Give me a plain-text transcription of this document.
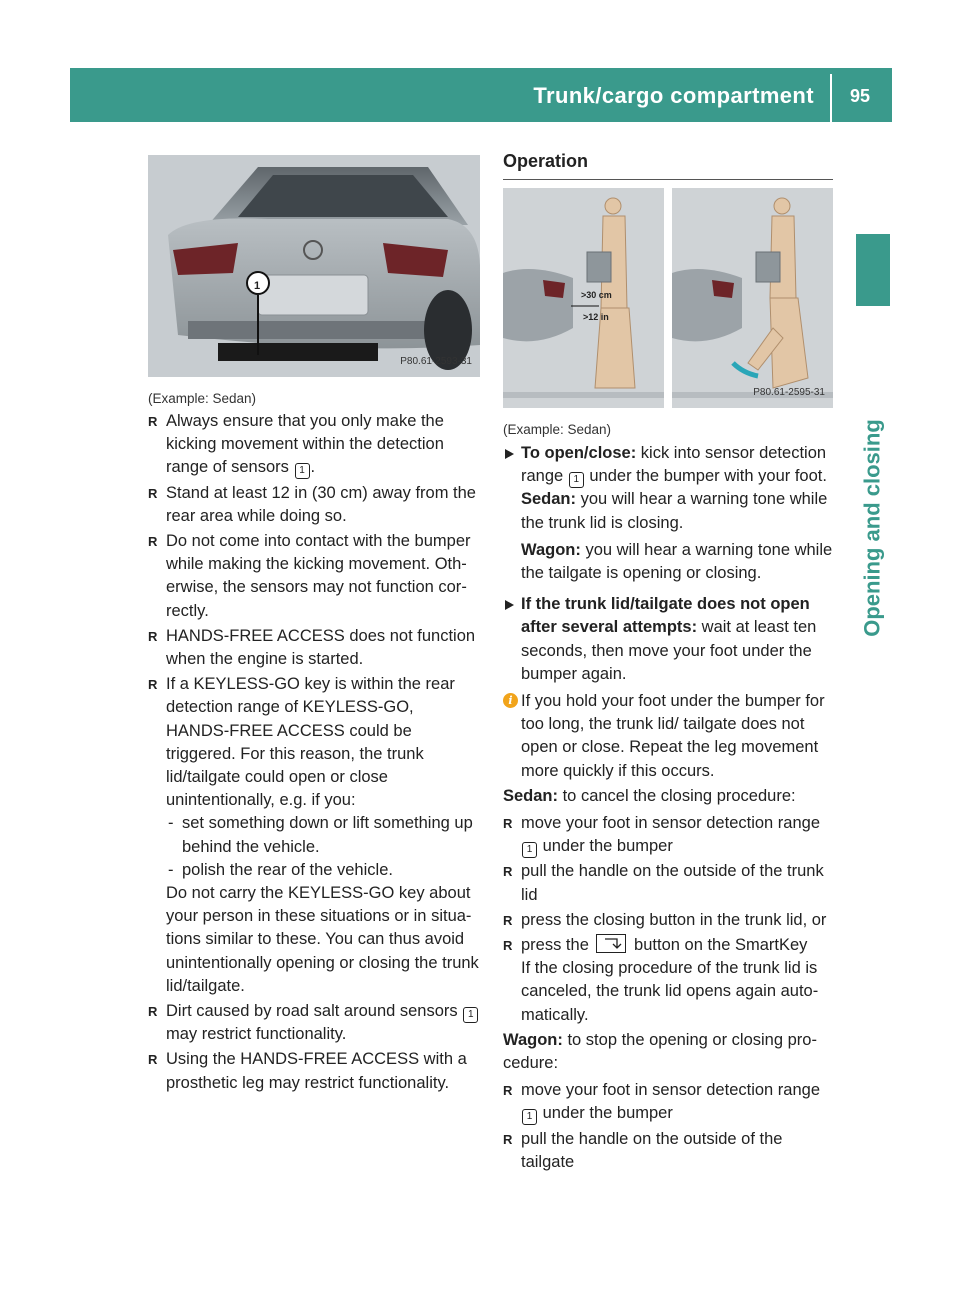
Trunk/cargo compartment 95
Opening and closing
1
P80.61-2593-31
(Example: Sedan)
R Always ensure that you only make the kicking movement within the detection range of sensors 1 .
R Stand at least 12 in (30 cm) away from the rear area while doing so.
R Do not come into contact with the bumper while making the kicking movement. Otherwise, the sensors may not function correctly.
R HANDS-FREE ACCESS does not function when the engine is started.

R If a KEYLESS-GO key is within the rear detection range of KEYLESS-GO, HANDS-FREE ACCESS could be triggered. For this reason, the trunk lid/tailgate could open or close unintentionally, e.g. if you:

- set something down or lift something up behind the vehicle.
- polish the rear of the vehicle.

Do not carry the KEYLESS-GO key about your person in these situations or in situations similar to these. You can thus avoid unintentionally opening or closing the trunk lid/tailgate.

R Dirt caused by road salt around sensors 1 may restrict functionality.
R Using the HANDS-FREE ACCESS with a prosthetic leg may restrict functionality.
Operation
>30 cm
>12 in
P80.61-2595-31
(Example: Sedan)
To open/close: kick into sensor detection range 1 under the bumper with your foot.
Sedan: you will hear a warning tone while the trunk lid is closing.

Wagon: you will hear a warning tone while the tailgate is opening or closing.

If the trunk lid/tailgate does not open after several attempts: wait at least ten seconds, then move your foot under the bumper again.
i If you hold your foot under the bumper for too long, the trunk lid/ tailgate does not open or close. Repeat the leg movement more quickly if this occurs.

Sedan: to cancel the closing procedure:

R move your foot in sensor detection range 1 under the bumper
R pull the handle on the outside of the trunk lid
R press the closing button in the trunk lid, or
R press the
button on the SmartKey

If the closing procedure of the trunk lid is canceled, the trunk lid opens again automatically.

Wagon: to stop the opening or closing procedure:

R move your foot in sensor detection range 1 under the bumper
R pull the handle on the outside of the tailgate
